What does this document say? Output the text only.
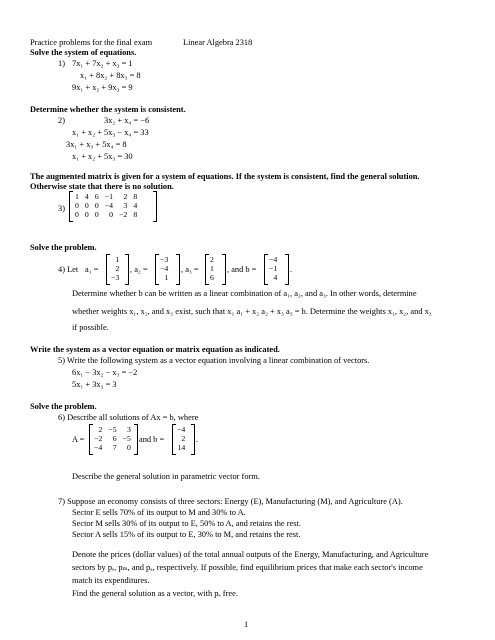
Practice problems for the final exam	Linear Algebra 2318
Solve the system of equations.
1) 7x₁ + 7x₂ + x₃ = 1
x₁ + 8x₂ + 8x₃ = 8
9x₁ + x₂ + 9x₃ = 9
Determine whether the system is consistent.
2)	3x₂ + x₄ = −6
x₁ + x₂ + 5x₃ − x₄ = 33
3x₁ + x₃ + 5x₄ = 8
x₁ + x₂ + 5x₃ = 30
The augmented matrix is given for a system of equations. If the system is consistent, find the general solution.
Otherwise state that there is no solution.
3)
1	4	6	−1	2	8
0	0	0	−4	3	4
0	0	0	0	−2	8
Solve the problem.
4) Let a₁ =
1
2
−3
, a₂ =
−3
−4
1
, a₃ =
2
1
6
, and b =
−4
−1
4
.
Determine whether b can be written as a linear combination of a₁, a₂, and a₃. In other words, determine
whether weights x₁, x₂, and x₃ exist, such that x₁ a₁ + x₂ a₂ + x₃ a₃ = b. Determine the weights x₁, x₂, and x₃
if possible.
Write the system as a vector equation or matrix equation as indicated.
5) Write the following system as a vector equation involving a linear combination of vectors.
6x₁ − 3x₂ − x₃ = −2
5x₁ + 3x₃ = 3
Solve the problem.
6) Describe all solutions of Ax = b, where
A =
2	−5	3
−2	6	−5
−4	7	0
and b =
−4
2
14
.
Describe the general solution in parametric vector form.
7) Suppose an economy consists of three sectors: Energy (E), Manufacturing (M), and Agriculture (A).
Sector E sells 70% of its output to M and 30% to A.
Sector M sells 30% of its output to E, 50% to A, and retains the rest.
Sector A sells 15% of its output to E, 30% to M, and retains the rest.
Denote the prices (dollar values) of the total annual outputs of the Energy, Manufacturing, and Agriculture
sectors by pₑ, pₘ, and pₐ, respectively. If possible, find equilibrium prices that make each sector's income
match its expenditures.
Find the general solution as a vector, with pₐ free.
1
